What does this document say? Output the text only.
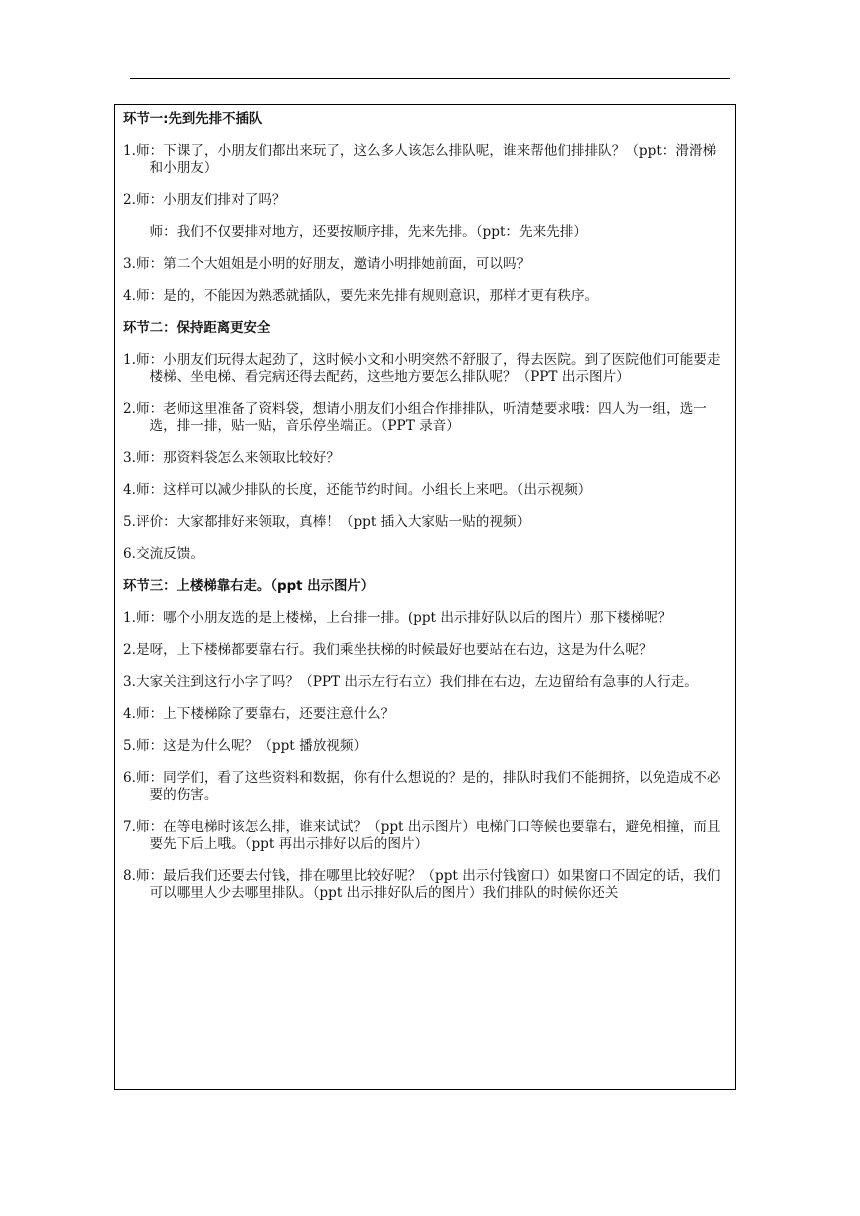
环节一:先到先排不插队
1.师：下课了，小朋友们都出来玩了，这么多人该怎么排队呢，谁来帮他们排排队？（ppt：滑滑梯和小朋友）
2.师：小朋友们排对了吗？
师：我们不仅要排对地方，还要按顺序排，先来先排。（ppt：先来先排）
3.师：第二个大姐姐是小明的好朋友，邀请小明排她前面，可以吗？
4.师：是的，不能因为熟悉就插队，要先来先排有规则意识，那样才更有秩序。
环节二：保持距离更安全
1.师：小朋友们玩得太起劲了，这时候小文和小明突然不舒服了，得去医院。到了医院他们可能要走楼梯、坐电梯、看完病还得去配药，这些地方要怎么排队呢？（PPT 出示图片）
2.师：老师这里准备了资料袋，想请小朋友们小组合作排排队，听清楚要求哦：四人为一组，选一选，排一排，贴一贴，音乐停坐端正。（PPT 录音）
3.师：那资料袋怎么来领取比较好？
4.师：这样可以减少排队的长度，还能节约时间。小组长上来吧。（出示视频）
5.评价：大家都排好来领取，真棒！（ppt 插入大家贴一贴的视频）
6.交流反馈。
环节三：上楼梯靠右走。（ppt 出示图片）
1.师：哪个小朋友选的是上楼梯，上台排一排。(ppt 出示排好队以后的图片）那下楼梯呢？
2.是呀，上下楼梯都要靠右行。我们乘坐扶梯的时候最好也要站在右边，这是为什么呢？
3.大家关注到这行小字了吗？（PPT 出示左行右立）我们排在右边，左边留给有急事的人行走。
4.师：上下楼梯除了要靠右，还要注意什么？
5.师：这是为什么呢？（ppt 播放视频）
6.师：同学们，看了这些资料和数据，你有什么想说的？是的，排队时我们不能拥挤，以免造成不必要的伤害。
7.师：在等电梯时该怎么排，谁来试试？（ppt 出示图片）电梯门口等候也要靠右，避免相撞，而且要先下后上哦。（ppt 再出示排好以后的图片）
8.师：最后我们还要去付钱，排在哪里比较好呢？（ppt 出示付钱窗口）如果窗口不固定的话，我们可以哪里人少去哪里排队。（ppt 出示排好队后的图片）我们排队的时候你还关
